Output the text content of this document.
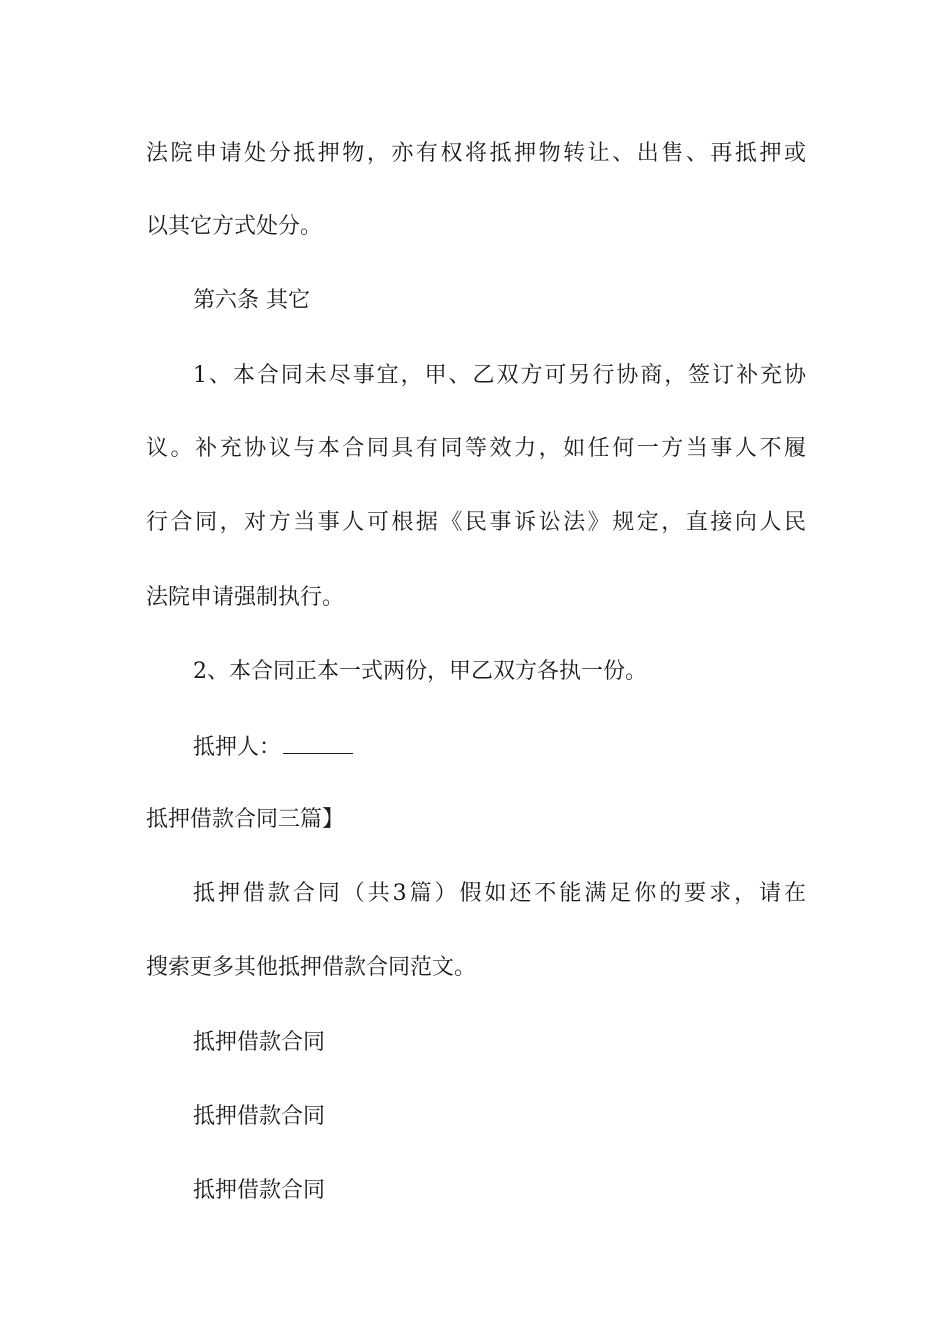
法院申请处分抵押物，亦有权将抵押物转让、出售、再抵押或
以其它方式处分。
第六条 其它
1、本合同未尽事宜，甲、乙双方可另行协商，签订补充协
议。补充协议与本合同具有同等效力，如任何一方当事人不履
行合同，对方当事人可根据《民事诉讼法》规定，直接向人民
法院申请强制执行。
2、本合同正本一式两份，甲乙双方各执一份。
抵押人：
抵押借款合同三篇】
抵押借款合同（共3篇）假如还不能满足你的要求，请在
搜索更多其他抵押借款合同范文。
抵押借款合同
抵押借款合同
抵押借款合同
